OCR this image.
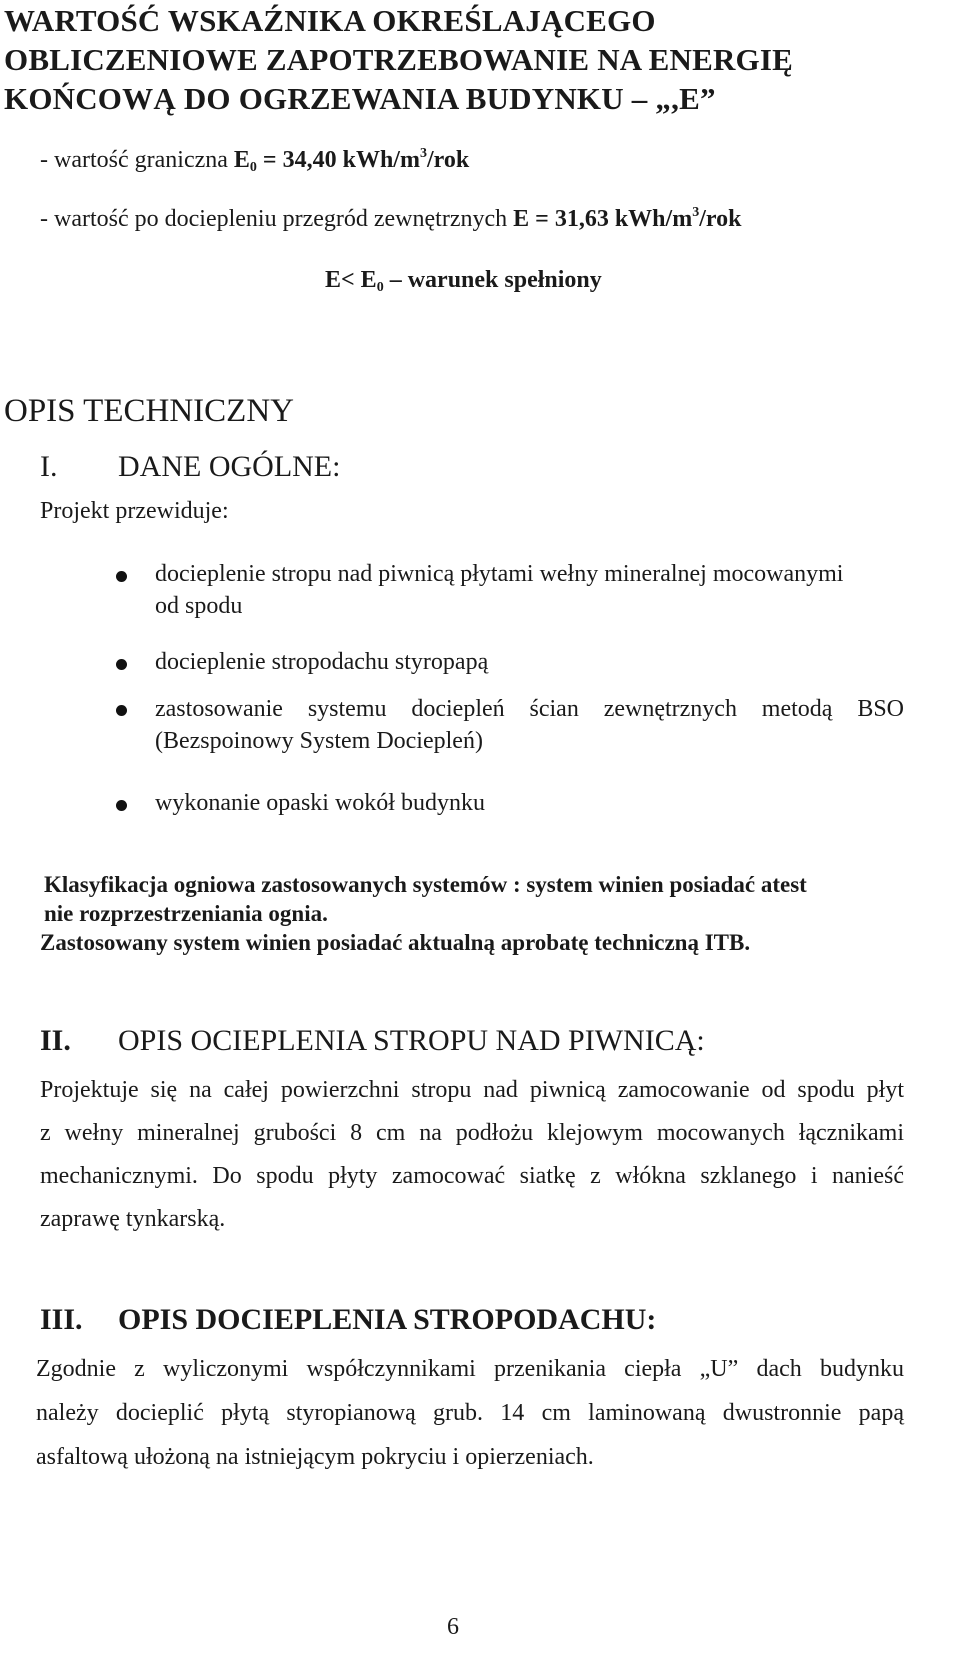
WARTOŚĆ WSKAŹNIKA OKREŚLAJĄCEGO
OBLICZENIOWE ZAPOTRZEBOWANIE NA ENERGIĘ
KOŃCOWĄ DO OGRZEWANIA BUDYNKU – „,E”
- wartość graniczna $E_0 = 34,40$ kWh/$m^3$/rok
- wartość po dociepleniu przegród zewnętrznych E = 31,63 kWh/$m^3$/rok
$E< E_0$ – warunek spełniony
OPIS TECHNICZNY
I. DANE OGÓLNE:
Projekt przewiduje:
docieplenie stropu nad piwnicą płytami wełny mineralnej mocowanymi
od spodu
docieplenie stropodachu styropapą
zastosowanie systemu dociepleń ścian zewnętrznych metodą BSO
(Bezspoinowy System Dociepleń)
wykonanie opaski wokół budynku
Klasyfikacja ogniowa zastosowanych systemów : system winien posiadać atest
nie rozprzestrzeniania ognia.
Zastosowany system winien posiadać aktualną aprobatę techniczną ITB.
II. OPIS OCIEPLENIA STROPU NAD PIWNICĄ:
Projektuje się na całej powierzchni stropu nad piwnicą zamocowanie od spodu płyt
z wełny mineralnej grubości 8 cm na podłożu klejowym mocowanych łącznikami
mechanicznymi. Do spodu płyty zamocować siatkę z włókna szklanego i nanieść
zaprawę tynkarską.
III. OPIS DOCIEPLENIA STROPODACHU:
Zgodnie z wyliczonymi współczynnikami przenikania ciepła „U” dach budynku
należy docieplić płytą styropianową grub. 14 cm laminowaną dwustronnie papą
asfaltową ułożoną na istniejącym pokryciu i opierzeniach.
6
